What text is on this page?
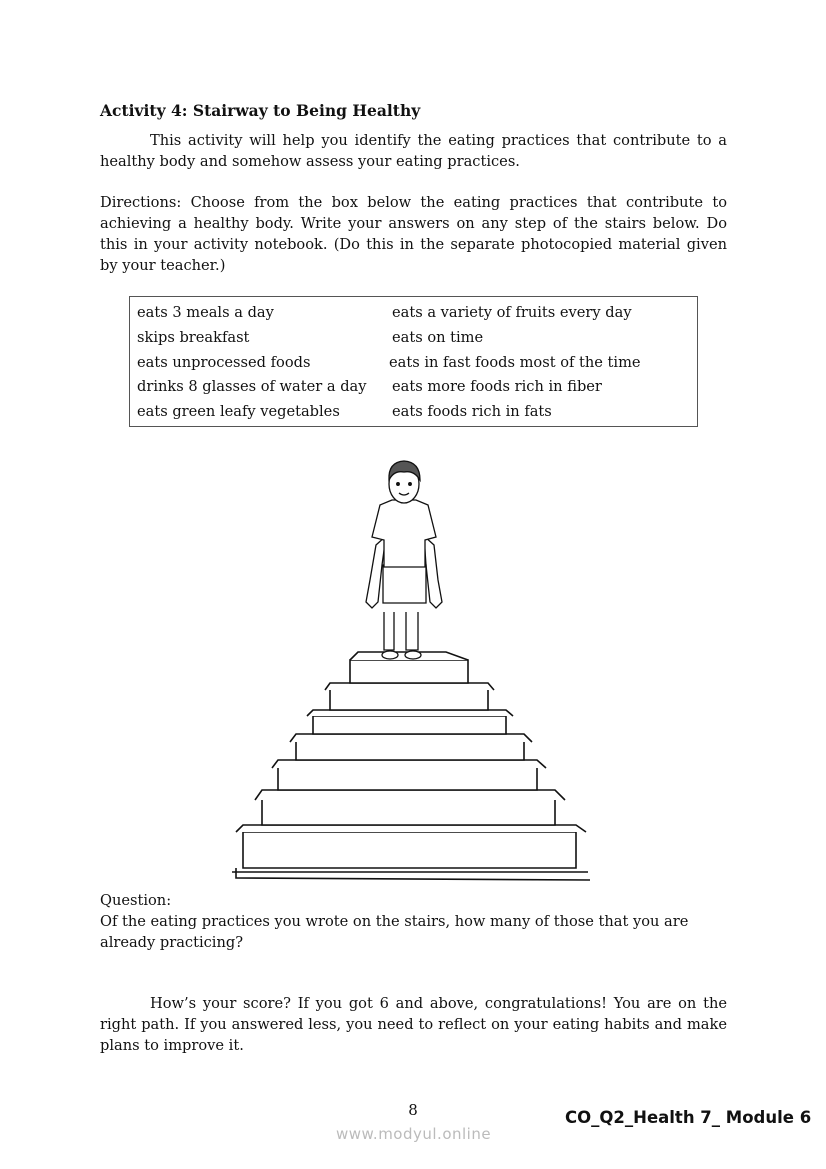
Activity 4: Stairway to Being Healthy
This activity will help you identify the eating practices that contribute to a healthy body and somehow assess your eating practices.
Directions: Choose from the box below the eating practices that contribute to achieving a healthy body. Write your answers on any step of the stairs below. Do this in your activity notebook. (Do this in the separate photocopied material given by your teacher.)
eats 3 meals a day
skips breakfast
eats unprocessed foods
drinks 8 glasses of water a day
eats green leafy vegetables
eats a variety of fruits every day
eats on time
eats in fast foods most of the time
eats more foods rich in fiber
eats foods rich in fats
Question:
Of the eating practices you wrote on the stairs, how many of those that you are already practicing?
How’s your score? If you got 6 and above, congratulations! You are on the right path. If you answered less, you need to reflect on your eating habits and make plans to improve it.
8
www.modyul.online
CO_Q2_Health 7_ Module 6
